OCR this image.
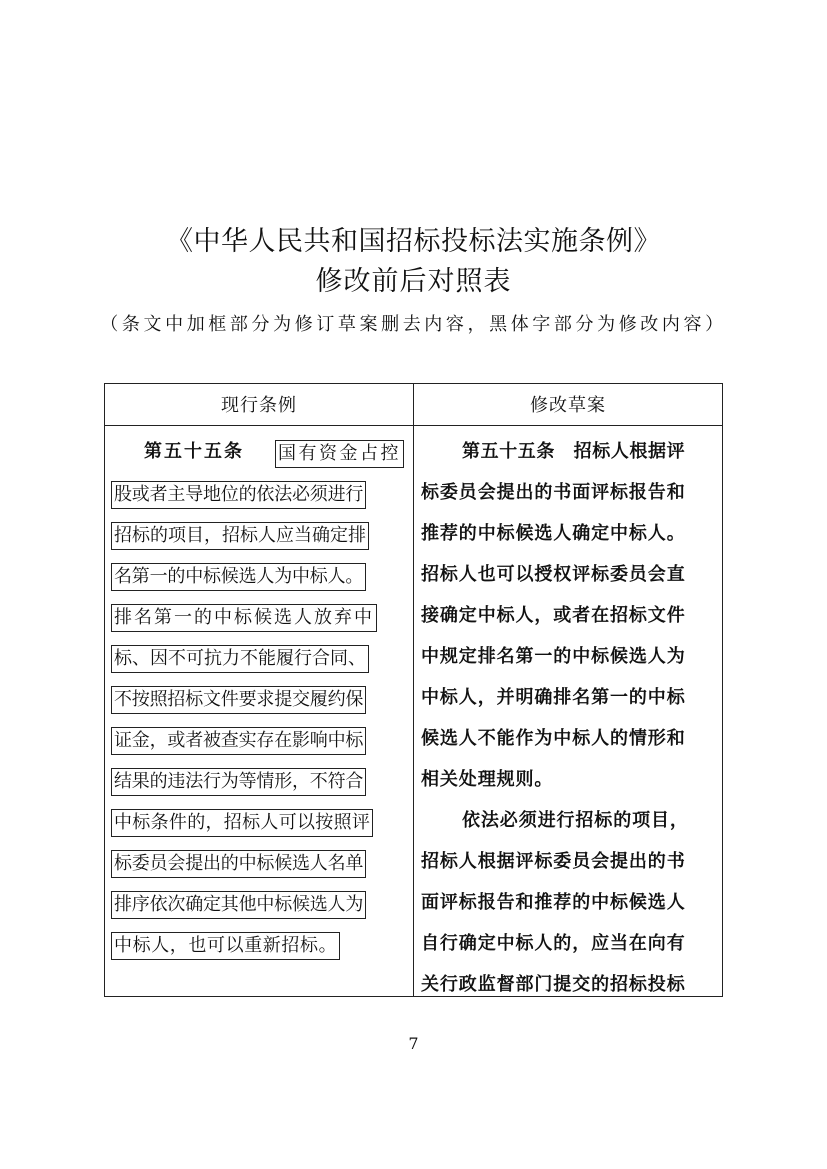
《中华人民共和国招标投标法实施条例》
修改前后对照表
（条文中加框部分为修订草案删去内容，黑体字部分为修改内容）
现行条例	修改草案
第五十五条 国有资金占控
股或者主导地位的依法必须进行
招标的项目，招标人应当确定排
名第一的中标候选人为中标人。
排名第一的中标候选人放弃中
标、因不可抗力不能履行合同、
不按照招标文件要求提交履约保
证金，或者被查实存在影响中标
结果的违法行为等情形，不符合
中标条件的，招标人可以按照评
标委员会提出的中标候选人名单
排序依次确定其他中标候选人为
中标人，也可以重新招标。
第五十五条　招标人根据评
标委员会提出的书面评标报告和
推荐的中标候选人确定中标人。
招标人也可以授权评标委员会直
接确定中标人，或者在招标文件
中规定排名第一的中标候选人为
中标人，并明确排名第一的中标
候选人不能作为中标人的情形和
相关处理规则。
依法必须进行招标的项目，
招标人根据评标委员会提出的书
面评标报告和推荐的中标候选人
自行确定中标人的，应当在向有
关行政监督部门提交的招标投标
7
